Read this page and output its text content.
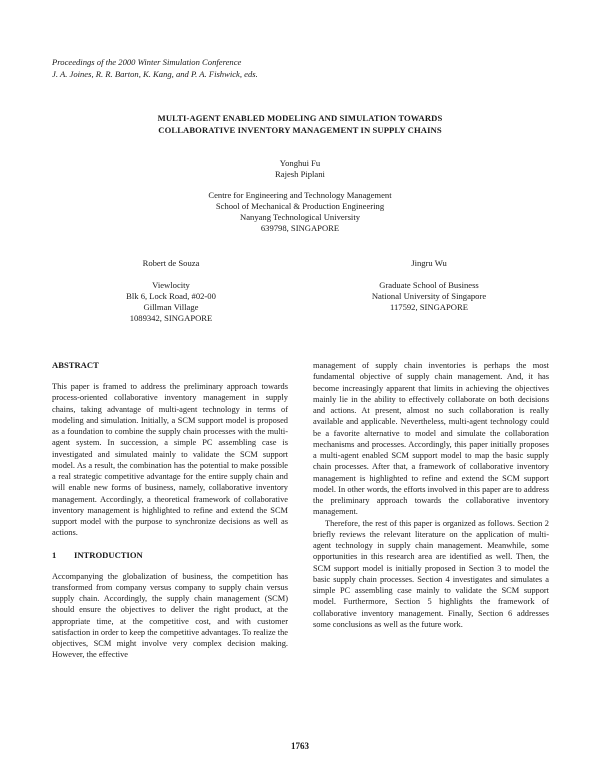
Proceedings of the 2000 Winter Simulation Conference
J. A. Joines, R. R. Barton, K. Kang, and P. A. Fishwick, eds.
MULTI-AGENT ENABLED MODELING AND SIMULATION TOWARDS
COLLABORATIVE INVENTORY MANAGEMENT IN SUPPLY CHAINS
Yonghui Fu
Rajesh Piplani
Centre for Engineering and Technology Management
School of Mechanical & Production Engineering
Nanyang Technological University
639798, SINGAPORE
Robert de Souza
Viewlocity
Blk 6, Lock Road, #02-00
Gillman Village
1089342, SINGAPORE
Jingru Wu
Graduate School of Business
National University of Singapore
117592, SINGAPORE
ABSTRACT

This paper is framed to address the preliminary approach towards process-oriented collaborative inventory management in supply chains, taking advantage of multi-agent technology in terms of modeling and simulation. Initially, a SCM support model is proposed as a foundation to combine the supply chain processes with the multi-agent system. In succession, a simple PC assembling case is investigated and simulated mainly to validate the SCM support model. As a result, the combination has the potential to make possible a real strategic competitive advantage for the entire supply chain and will enable new forms of business, namely, collaborative inventory management. Accordingly, a theoretical framework of collaborative inventory management is highlighted to refine and extend the SCM support model with the purpose to synchronize decisions as well as actions.

1 INTRODUCTION

Accompanying the globalization of business, the competition has transformed from company versus company to supply chain versus supply chain. Accordingly, the supply chain management (SCM) should ensure the objectives to deliver the right product, at the appropriate time, at the competitive cost, and with customer satisfaction in order to keep the competitive advantages. To realize the objectives, SCM might involve very complex decision making. However, the effective

management of supply chain inventories is perhaps the most fundamental objective of supply chain management. And, it has become increasingly apparent that limits in achieving the objectives mainly lie in the ability to effectively collaborate on both decisions and actions. At present, almost no such collaboration is really available and applicable. Nevertheless, multi-agent technology could be a favorite alternative to model and simulate the collaboration mechanisms and processes. Accordingly, this paper initially proposes a multi-agent enabled SCM support model to map the basic supply chain processes. After that, a framework of collaborative inventory management is highlighted to refine and extend the SCM support model. In other words, the efforts involved in this paper are to address the preliminary approach towards the collaborative inventory management.

Therefore, the rest of this paper is organized as follows. Section 2 briefly reviews the relevant literature on the application of multi-agent technology in supply chain management. Meanwhile, some opportunities in this research area are identified as well. Then, the SCM support model is initially proposed in Section 3 to model the basic supply chain processes. Section 4 investigates and simulates a simple PC assembling case mainly to validate the SCM support model. Furthermore, Section 5 highlights the framework of collaborative inventory management. Finally, Section 6 addresses some conclusions as well as the future work.

1763
